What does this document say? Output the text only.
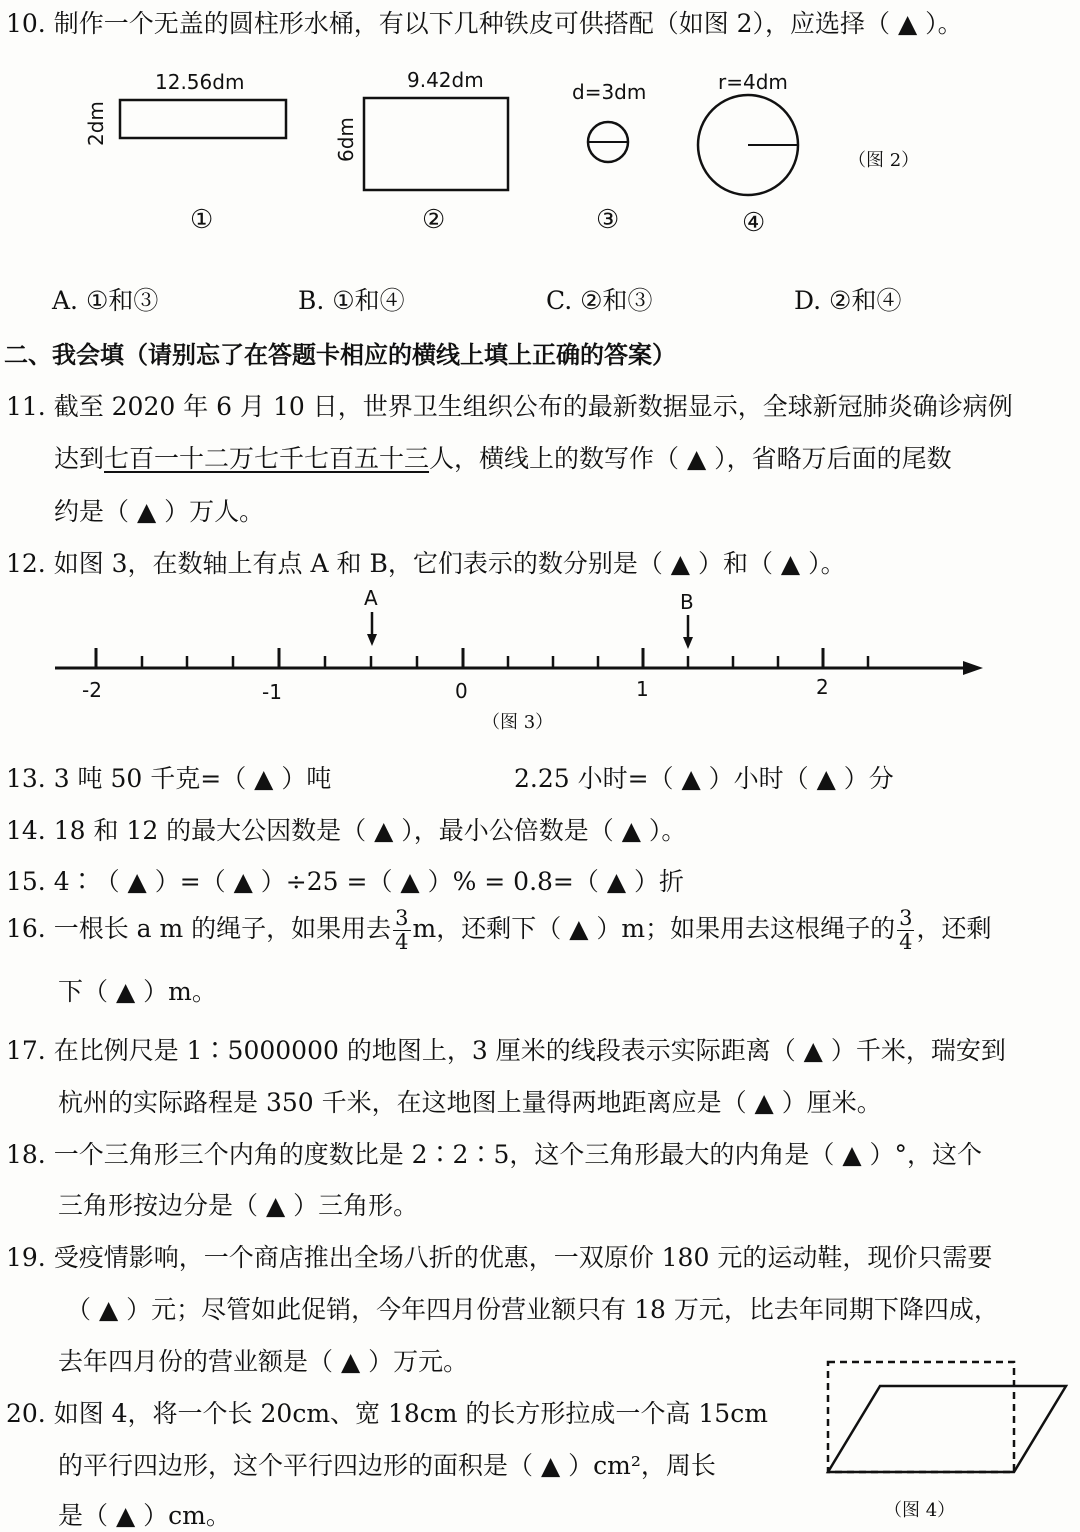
10. 制作一个无盖的圆柱形水桶，有以下几种铁皮可供搭配（如图 2），应选择（ ▲ ）。
12.56dm
2dm
①
9.42dm
6dm
②
d=3dm
③
r=4dm
④
（图 2）
A. ①和③	B. ①和④	C. ②和③	D. ②和④
二、我会填（请别忘了在答题卡相应的横线上填上正确的答案）
11. 截至 2020 年 6 月 10 日，世界卫生组织公布的最新数据显示，全球新冠肺炎确诊病例
达到七百一十二万七千七百五十三人，横线上的数写作（ ▲ ），省略万后面的尾数
约是（ ▲ ）万人。
12. 如图 3，在数轴上有点 A 和 B，它们表示的数分别是（ ▲ ）和（ ▲ ）。
A	B
-2	-1	0	1	2
（图 3）
13. 3 吨 50 千克=（ ▲ ）吨	2.25 小时=（ ▲ ）小时（ ▲ ）分
14. 18 和 12 的最大公因数是（ ▲ ），最小公倍数是（ ▲ ）。
15. 4∶（ ▲ ）=（ ▲ ）÷25 =（ ▲ ）% = 0.8=（ ▲ ）折
16. 一根长 a m 的绳子，如果用去 $\frac{3}{4}$ m，还剩下（ ▲ ）m；如果用去这根绳子的 $\frac{3}{4}$ ，还剩
下（ ▲ ）m。
17. 在比例尺是 1∶5000000 的地图上，3 厘米的线段表示实际距离（ ▲ ）千米，瑞安到
杭州的实际路程是 350 千米，在这地图上量得两地距离应是（ ▲ ）厘米。
18. 一个三角形三个内角的度数比是 2∶2∶5，这个三角形最大的内角是（ ▲ ）°，这个
三角形按边分是（ ▲ ）三角形。
19. 受疫情影响，一个商店推出全场八折的优惠，一双原价 180 元的运动鞋，现价只需要
（ ▲ ）元；尽管如此促销，今年四月份营业额只有 18 万元，比去年同期下降四成，
去年四月份的营业额是（ ▲ ）万元。
20. 如图 4，将一个长 20cm、宽 18cm 的长方形拉成一个高 15cm
的平行四边形，这个平行四边形的面积是（ ▲ ）cm²，周长
是（ ▲ ）cm。	（图 4）
